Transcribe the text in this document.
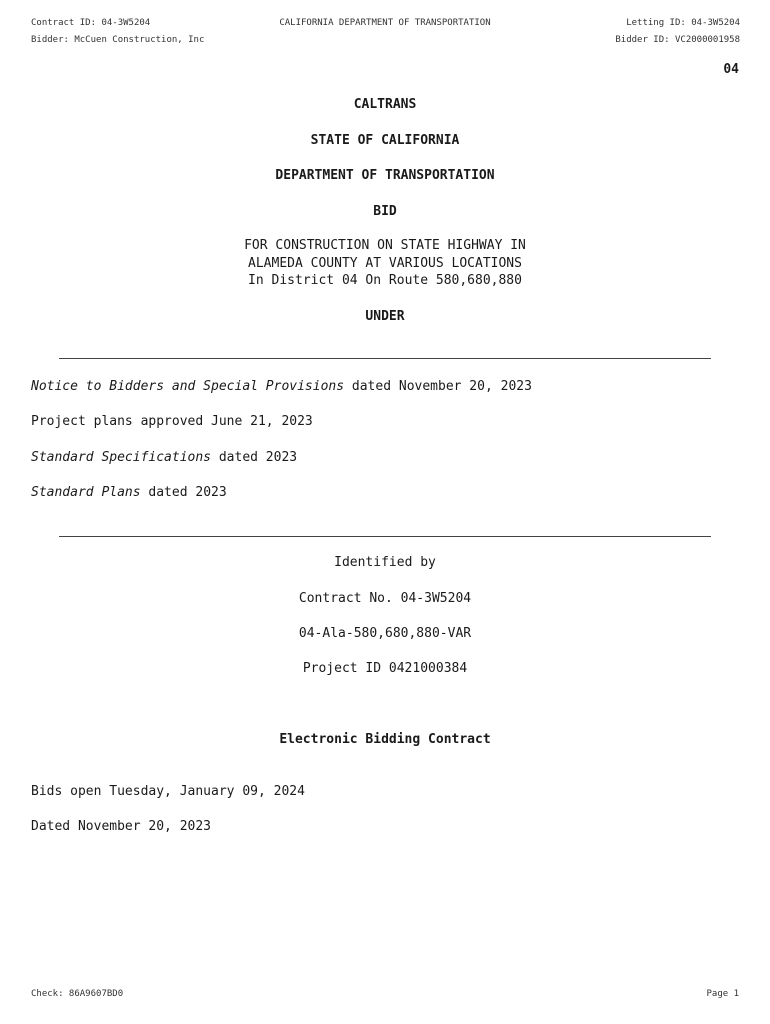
Contract ID: 04-3W5204	CALIFORNIA DEPARTMENT OF TRANSPORTATION	Letting ID: 04-3W5204
Bidder: McCuen Construction, Inc	Bidder ID: VC2000001958
04
CALTRANS
STATE OF CALIFORNIA
DEPARTMENT OF TRANSPORTATION
BID
FOR CONSTRUCTION ON STATE HIGHWAY IN
ALAMEDA COUNTY AT VARIOUS LOCATIONS
In District 04 On Route 580,680,880
UNDER
Notice to Bidders and Special Provisions dated November 20, 2023
Project plans approved June 21, 2023
Standard Specifications dated 2023
Standard Plans dated 2023
Identified by
Contract No. 04-3W5204
04-Ala-580,680,880-VAR
Project ID 0421000384
Electronic Bidding Contract
Bids open Tuesday, January 09, 2024
Dated November 20, 2023
Check: 86A9607BD0	Page 1
